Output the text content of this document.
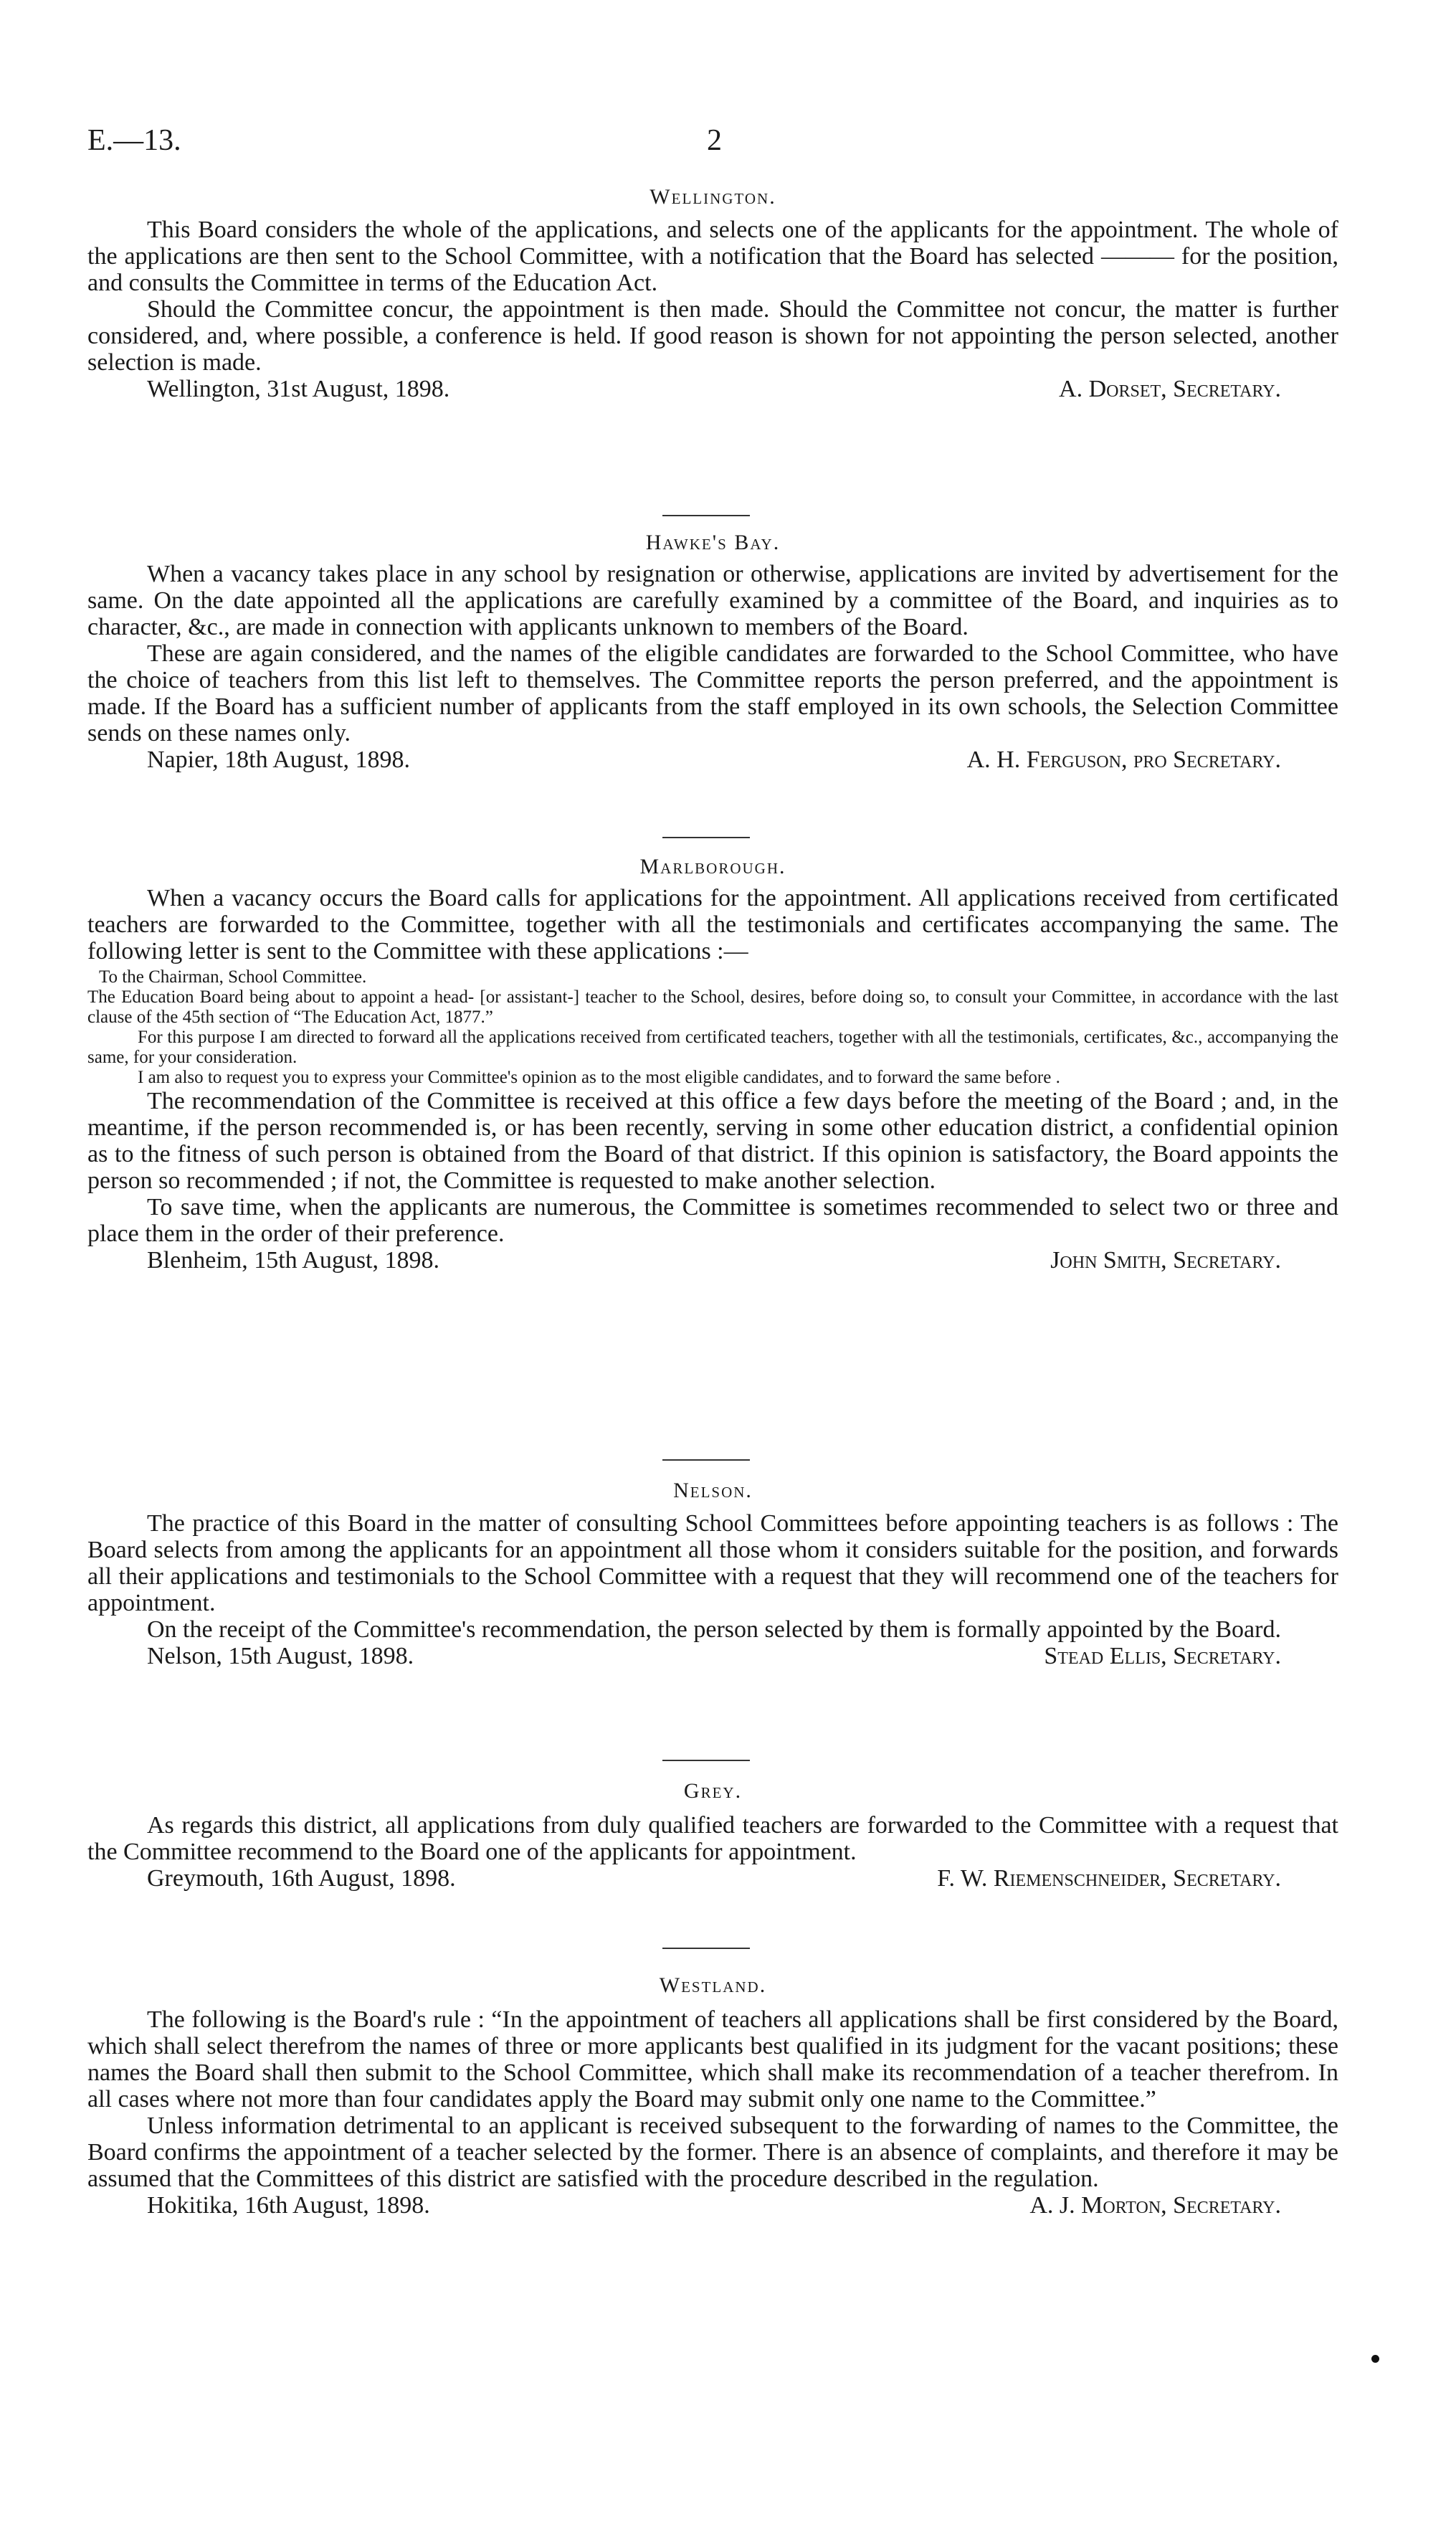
E.—13.	2
Wellington.

This Board considers the whole of the applications, and selects one of the applicants for the appointment. The whole of the applications are then sent to the School Committee, with a notification that the Board has selected ——— for the position, and consults the Committee in terms of the Education Act.

Should the Committee concur, the appointment is then made. Should the Committee not concur, the matter is further considered, and, where possible, a conference is held. If good reason is shown for not appointing the person selected, another selection is made.

Wellington, 31st August, 1898.	A. Dorset, Secretary.
Hawke's Bay.

When a vacancy takes place in any school by resignation or otherwise, applications are invited by advertisement for the same. On the date appointed all the applications are carefully examined by a committee of the Board, and inquiries as to character, &c., are made in connection with applicants unknown to members of the Board.

These are again considered, and the names of the eligible candidates are forwarded to the School Committee, who have the choice of teachers from this list left to themselves. The Committee reports the person preferred, and the appointment is made. If the Board has a sufficient number of applicants from the staff employed in its own schools, the Selection Committee sends on these names only.

Napier, 18th August, 1898.	A. H. Ferguson, pro Secretary.
Marlborough.

When a vacancy occurs the Board calls for applications for the appointment. All applications received from certificated teachers are forwarded to the Committee, together with all the testimonials and certificates accompanying the same. The following letter is sent to the Committee with these applications :—

To the Chairman, School Committee.

The Education Board being about to appoint a head- [or assistant-] teacher to the School, desires, before doing so, to consult your Committee, in accordance with the last clause of the 45th section of “The Education Act, 1877.”

For this purpose I am directed to forward all the applications received from certificated teachers, together with all the testimonials, certificates, &c., accompanying the same, for your consideration.

I am also to request you to express your Committee's opinion as to the most eligible candidates, and to forward the same before .

The recommendation of the Committee is received at this office a few days before the meeting of the Board ; and, in the meantime, if the person recommended is, or has been recently, serving in some other education district, a confidential opinion as to the fitness of such person is obtained from the Board of that district. If this opinion is satisfactory, the Board appoints the person so recommended ; if not, the Committee is requested to make another selection.

To save time, when the applicants are numerous, the Committee is sometimes recommended to select two or three and place them in the order of their preference.

Blenheim, 15th August, 1898.	John Smith, Secretary.
Nelson.

The practice of this Board in the matter of consulting School Committees before appointing teachers is as follows : The Board selects from among the applicants for an appointment all those whom it considers suitable for the position, and forwards all their applications and testimonials to the School Committee with a request that they will recommend one of the teachers for appointment.

On the receipt of the Committee's recommendation, the person selected by them is formally appointed by the Board.

Nelson, 15th August, 1898.	Stead Ellis, Secretary.
Grey.

As regards this district, all applications from duly qualified teachers are forwarded to the Committee with a request that the Committee recommend to the Board one of the applicants for appointment.

Greymouth, 16th August, 1898.	F. W. Riemenschneider, Secretary.
Westland.

The following is the Board's rule : “In the appointment of teachers all applications shall be first considered by the Board, which shall select therefrom the names of three or more applicants best qualified in its judgment for the vacant positions; these names the Board shall then submit to the School Committee, which shall make its recommendation of a teacher therefrom. In all cases where not more than four candidates apply the Board may submit only one name to the Committee.”

Unless information detrimental to an applicant is received subsequent to the forwarding of names to the Committee, the Board confirms the appointment of a teacher selected by the former. There is an absence of complaints, and therefore it may be assumed that the Committees of this district are satisfied with the procedure described in the regulation.

Hokitika, 16th August, 1898.	A. J. Morton, Secretary.
